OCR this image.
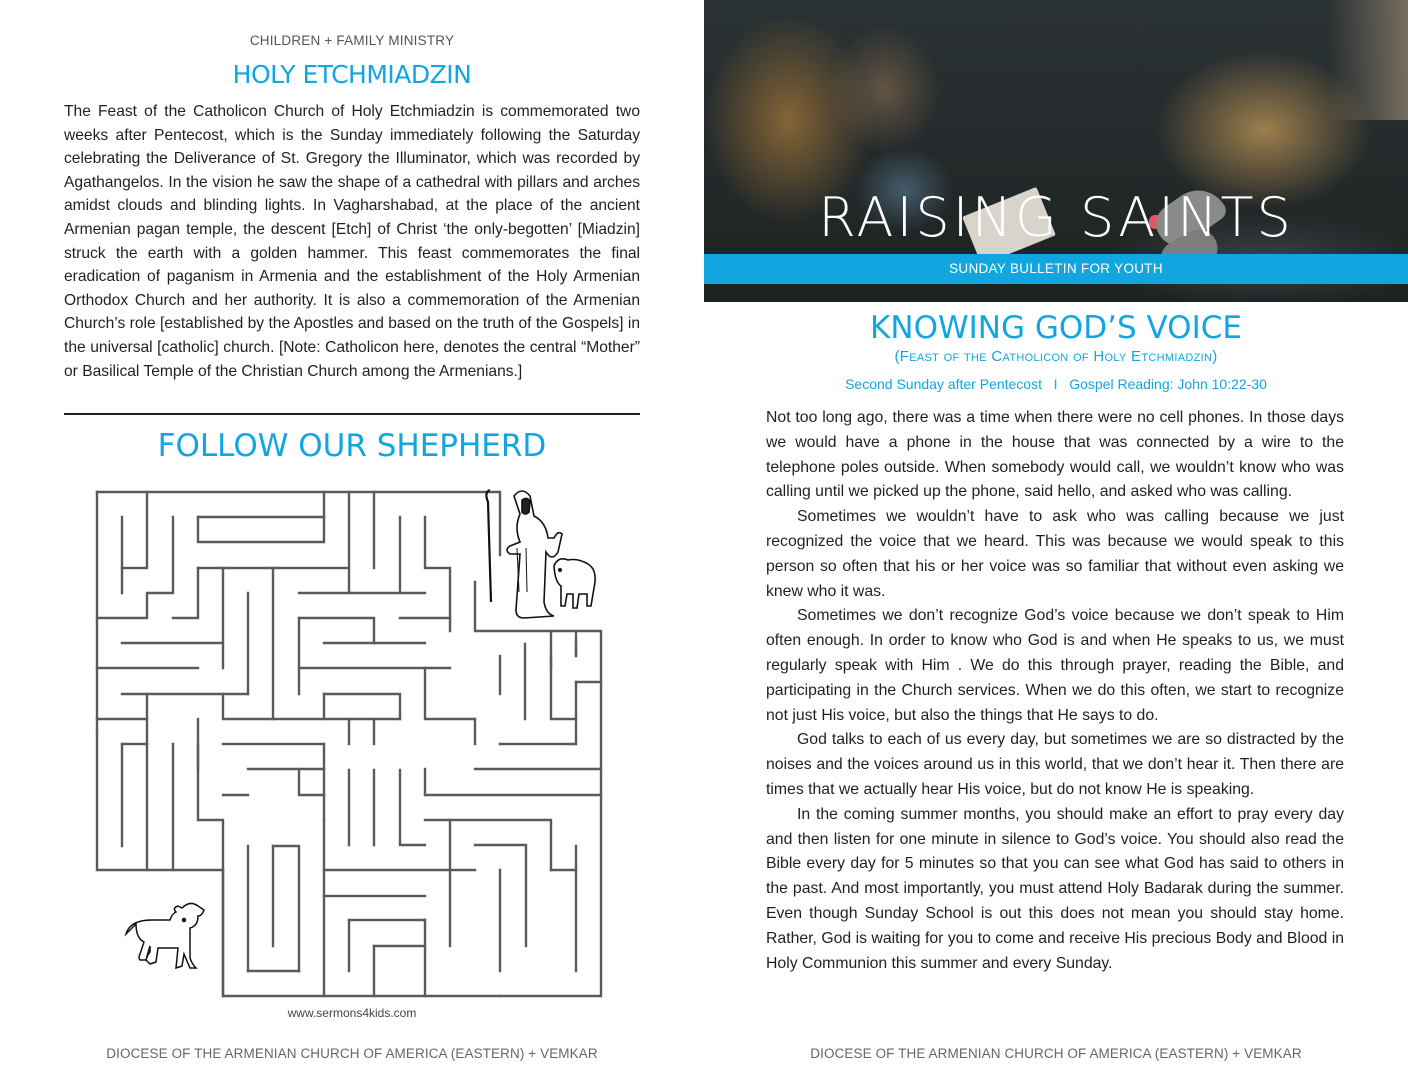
CHILDREN + FAMILY MINISTRY
HOLY ETCHMIADZIN

The Feast of the Catholicon Church of Holy Etchmiadzin is commemorated two weeks after Pentecost, which is the Sunday immediately following the Saturday celebrating the Deliverance of St. Gregory the Illuminator, which was recorded by Agathangelos. In the vision he saw the shape of a cathedral with pillars and arches amidst clouds and blinding lights. In Vagharshabad, at the place of the ancient Armenian pagan temple, the descent [Etch] of Christ ‘the only-begotten’ [Miadzin] struck the earth with a golden hammer. This feast commemorates the final eradication of paganism in Armenia and the establishment of the Holy Armenian Orthodox Church and her authority. It is also a commemoration of the Armenian Church’s role [established by the Apostles and based on the truth of the Gospels] in the universal [catholic] church. [Note: Catholicon here, denotes the central “Mother” or Basilical Temple of the Christian Church among the Armenians.]

FOLLOW OUR SHEPHERD
www.sermons4kids.com
DIOCESE OF THE ARMENIAN CHURCH OF AMERICA (EASTERN) + VEMKAR
RAISING SAINTS
SUNDAY BULLETIN FOR YOUTH
KNOWING GOD’S VOICE
(Feast of the Catholicon of Holy Etchmiadzin)
Second Sunday after Pentecost   I   Gospel Reading: John 10:22-30

Not too long ago, there was a time when there were no cell phones. In those days we would have a phone in the house that was connected by a wire to the telephone poles outside. When somebody would call, we wouldn’t know who was calling until we picked up the phone, said hello, and asked who was calling.

Sometimes we wouldn’t have to ask who was calling because we just recognized the voice that we heard. This was because we would speak to this person so often that his or her voice was so familiar that without even asking we knew who it was.

Sometimes we don’t recognize God’s voice because we don’t speak to Him often enough. In order to know who God is and when He speaks to us, we must regularly speak with Him . We do this through prayer, reading the Bible, and participating in the Church services. When we do this often, we start to recognize not just His voice, but also the things that He says to do.

God talks to each of us every day, but sometimes we are so distracted by the noises and the voices around us in this world, that we don’t hear it. Then there are times that we actually hear His voice, but do not know He is speaking.

In the coming summer months, you should make an effort to pray every day and then listen for one minute in silence to God’s voice. You should also read the Bible every day for 5 minutes so that you can see what God has said to others in the past. And most importantly, you must attend Holy Badarak during the summer. Even though Sunday School is out this does not mean you should stay home. Rather, God is waiting for you to come and receive His precious Body and Blood in Holy Communion this summer and every Sunday.

DIOCESE OF THE ARMENIAN CHURCH OF AMERICA (EASTERN) + VEMKAR
